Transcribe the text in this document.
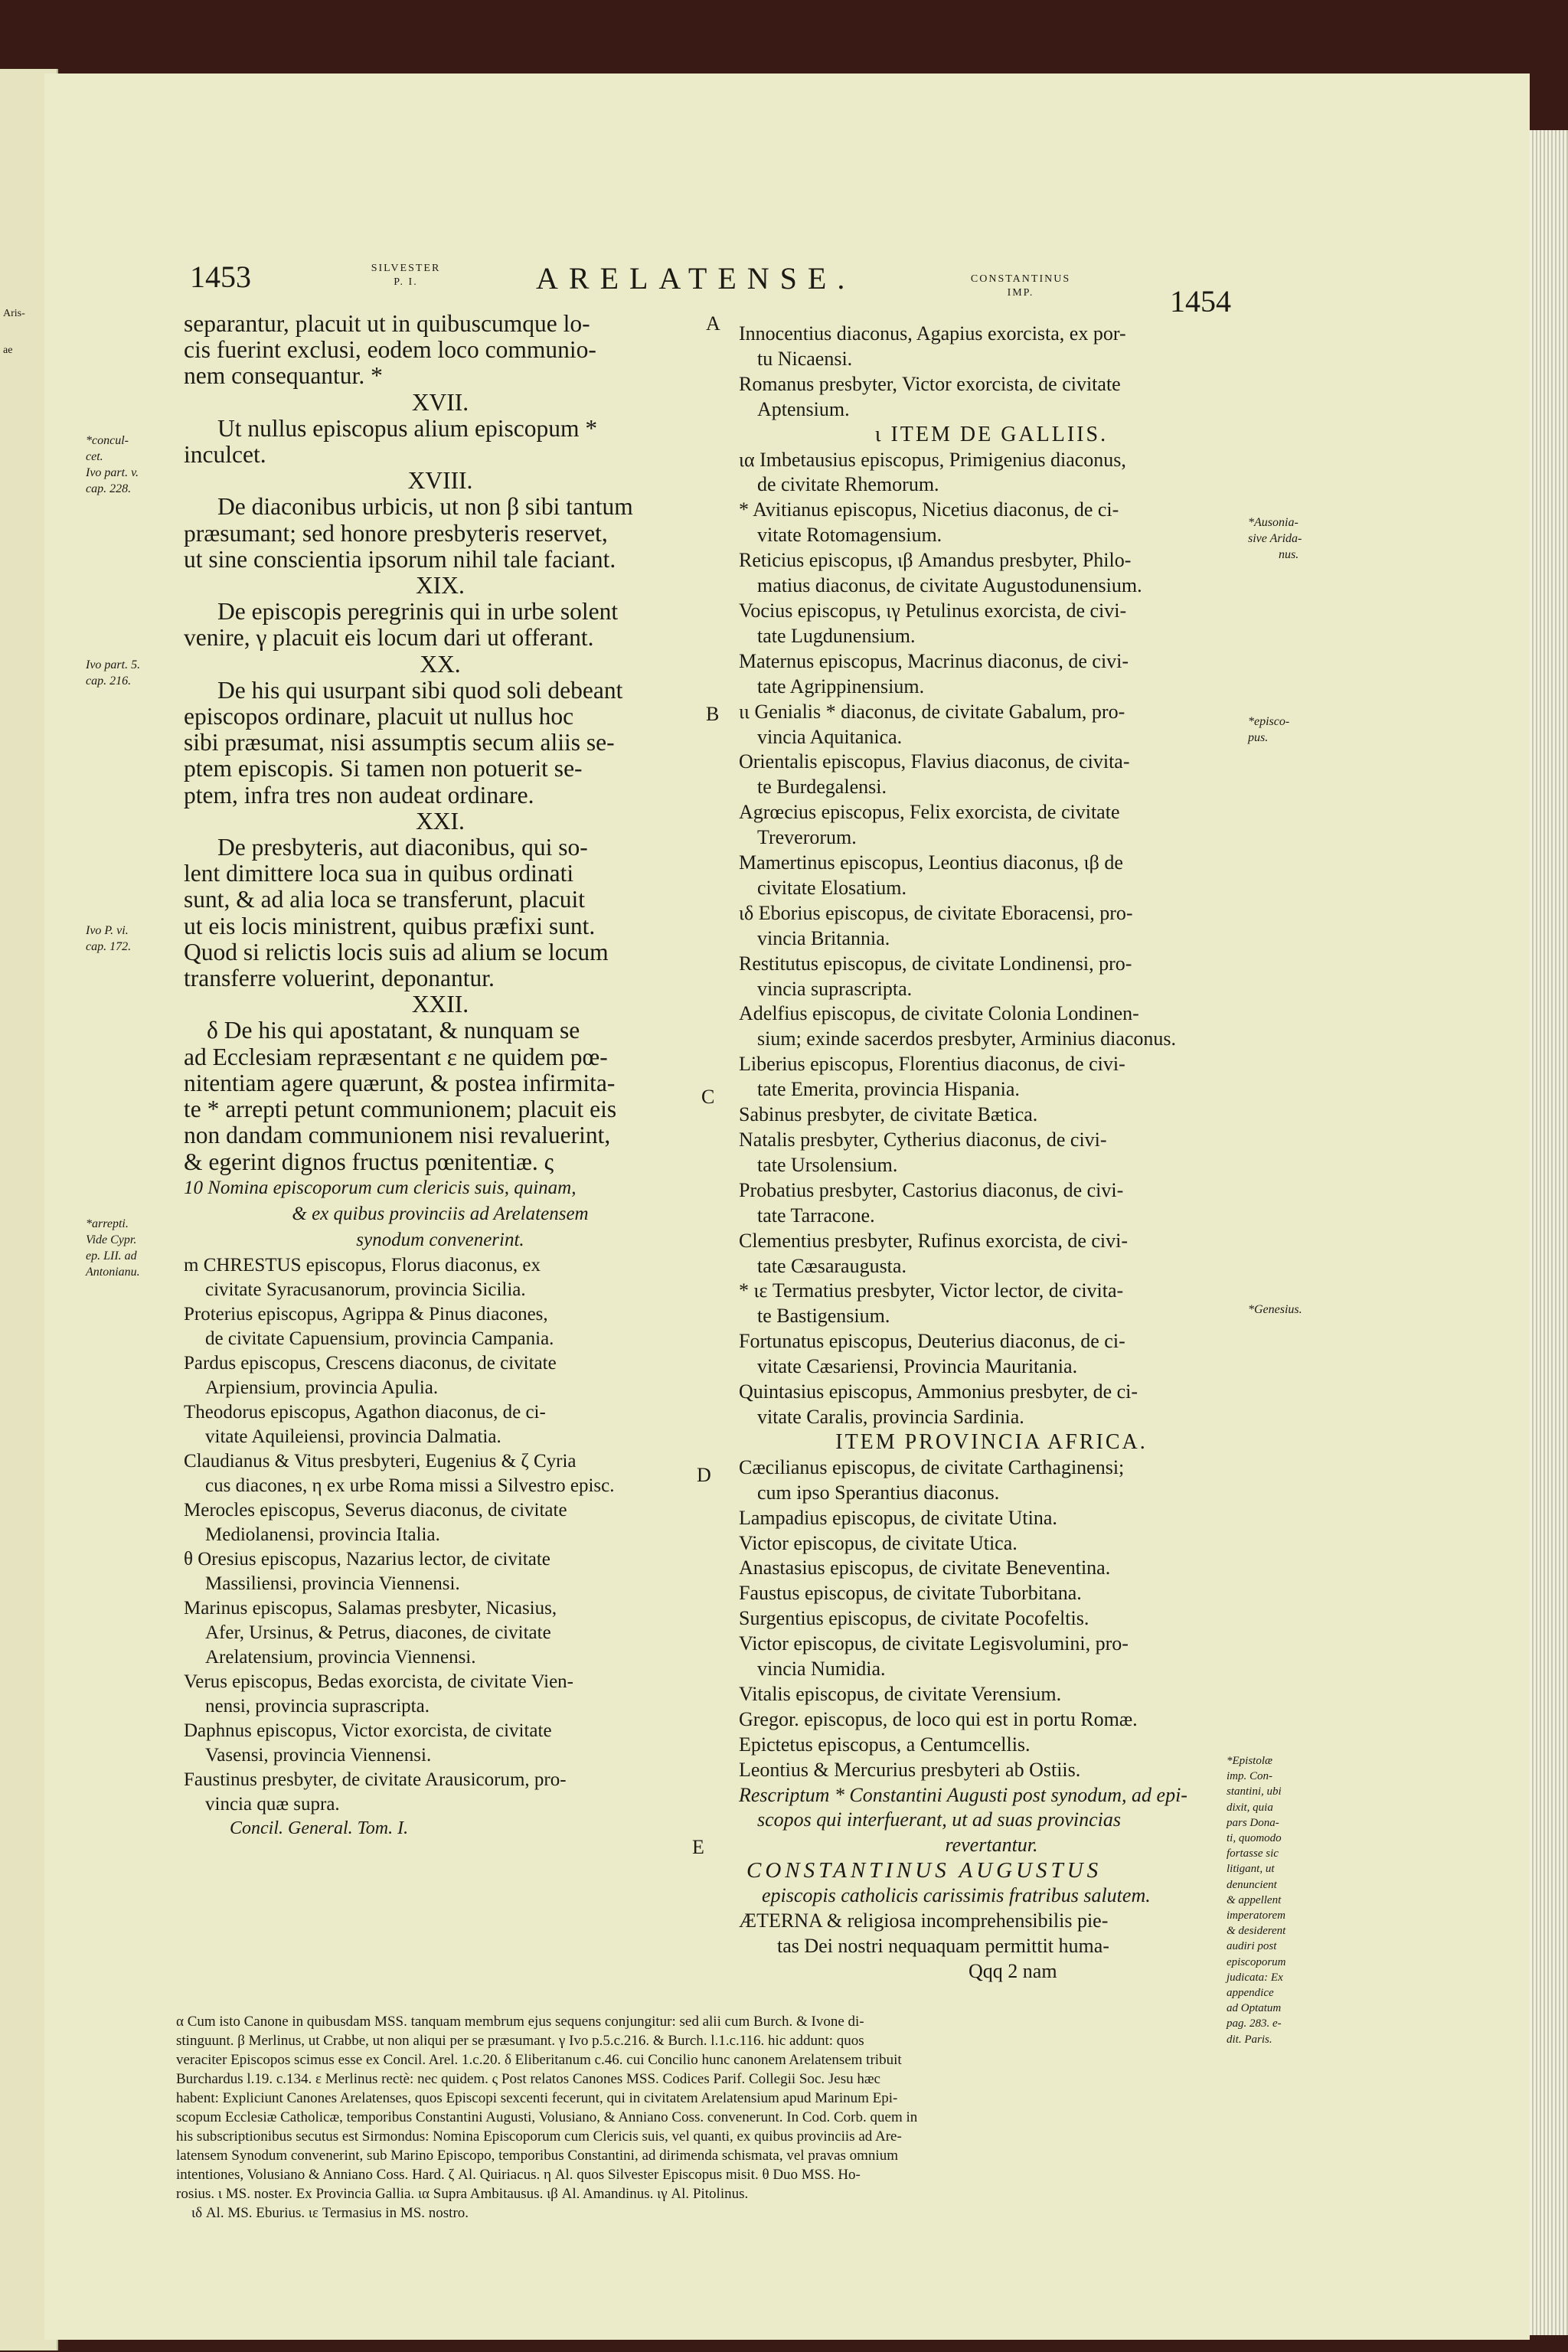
Aris-
ae
1453	SILVESTER
P. I.	ARELATENSE.	CONSTANTINUS
IMP.	1454
*concul-
cet.
Ivo part. v.
cap. 228.
Ivo part. 5.
cap. 216.
Ivo P. vi.
cap. 172.
*arrepti.
Vide Cypr.
ep. LII. ad
Antonianu.
A
B
C
D
E

separantur, placuit ut in quibuscumque lo-

cis fuerint exclusi, eodem loco communio-

nem consequantur. *

XVII.

Ut nullus episcopus alium episcopum *

inculcet.

XVIII.

De diaconibus urbicis, ut non β sibi tantum

præsumant; sed honore presbyteris reservet,

ut sine conscientia ipsorum nihil tale faciant.

XIX.

De episcopis peregrinis qui in urbe solent

venire, γ placuit eis locum dari ut offerant.

XX.

De his qui usurpant sibi quod soli debeant

episcopos ordinare, placuit ut nullus hoc

sibi præsumat, nisi assumptis secum aliis se-

ptem episcopis. Si tamen non potuerit se-

ptem, infra tres non audeat ordinare.

XXI.

De presbyteris, aut diaconibus, qui so-

lent dimittere loca sua in quibus ordinati

sunt, & ad alia loca se transferunt, placuit

ut eis locis ministrent, quibus præfixi sunt.

Quod si relictis locis suis ad alium se locum

transferre voluerint, deponantur.

XXII.

δ De his qui apostatant, & nunquam se

ad Ecclesiam repræsentant ε ne quidem pœ-

nitentiam agere quærunt, & postea infirmita-

te * arrepti petunt communionem; placuit eis

non dandam communionem nisi revaluerint,

& egerint dignos fructus pœnitentiæ. ς

10 Nomina episcoporum cum clericis suis, quinam,

& ex quibus provinciis ad Arelatensem

synodum convenerint.

m CHRESTUS episcopus, Florus diaconus, ex

civitate Syracusanorum, provincia Sicilia.

Proterius episcopus, Agrippa & Pinus diacones,

de civitate Capuensium, provincia Campania.

Pardus episcopus, Crescens diaconus, de civitate

Arpiensium, provincia Apulia.

Theodorus episcopus, Agathon diaconus, de ci-

vitate Aquileiensi, provincia Dalmatia.

Claudianus & Vitus presbyteri, Eugenius & ζ Cyria

cus diacones, η ex urbe Roma missi a Silvestro episc.

Merocles episcopus, Severus diaconus, de civitate

Mediolanensi, provincia Italia.

θ Oresius episcopus, Nazarius lector, de civitate

Massiliensi, provincia Viennensi.

Marinus episcopus, Salamas presbyter, Nicasius,

Afer, Ursinus, & Petrus, diacones, de civitate

Arelatensium, provincia Viennensi.

Verus episcopus, Bedas exorcista, de civitate Vien-

nensi, provincia suprascripta.

Daphnus episcopus, Victor exorcista, de civitate

Vasensi, provincia Viennensi.

Faustinus presbyter, de civitate Arausicorum, pro-

vincia quæ supra.

Concil. General. Tom. I.

Innocentius diaconus, Agapius exorcista, ex por-

tu Nicaensi.

Romanus presbyter, Victor exorcista, de civitate

Aptensium.

ι ITEM DE GALLIIS.

ια Imbetausius episcopus, Primigenius diaconus,

de civitate Rhemorum.

* Avitianus episcopus, Nicetius diaconus, de ci-

vitate Rotomagensium.

Reticius episcopus, ιβ Amandus presbyter, Philo-

matius diaconus, de civitate Augustodunensium.

Vocius episcopus, ιγ Petulinus exorcista, de civi-

tate Lugdunensium.

Maternus episcopus, Macrinus diaconus, de civi-

tate Agrippinensium.

ιι Genialis * diaconus, de civitate Gabalum, pro-

vincia Aquitanica.

Orientalis episcopus, Flavius diaconus, de civita-

te Burdegalensi.

Agrœcius episcopus, Felix exorcista, de civitate

Treverorum.

Mamertinus episcopus, Leontius diaconus, ιβ de

civitate Elosatium.

ιδ Eborius episcopus, de civitate Eboracensi, pro-

vincia Britannia.

Restitutus episcopus, de civitate Londinensi, pro-

vincia suprascripta.

Adelfius episcopus, de civitate Colonia Londinen-

sium; exinde sacerdos presbyter, Arminius diaconus.

Liberius episcopus, Florentius diaconus, de civi-

tate Emerita, provincia Hispania.

Sabinus presbyter, de civitate Bætica.

Natalis presbyter, Cytherius diaconus, de civi-

tate Ursolensium.

Probatius presbyter, Castorius diaconus, de civi-

tate Tarracone.

Clementius presbyter, Rufinus exorcista, de civi-

tate Cæsaraugusta.

* ιε Termatius presbyter, Victor lector, de civita-

te Bastigensium.

Fortunatus episcopus, Deuterius diaconus, de ci-

vitate Cæsariensi, Provincia Mauritania.

Quintasius episcopus, Ammonius presbyter, de ci-

vitate Caralis, provincia Sardinia.

ITEM PROVINCIA AFRICA.

Cæcilianus episcopus, de civitate Carthaginensi;

cum ipso Sperantius diaconus.

Lampadius episcopus, de civitate Utina.

Victor episcopus, de civitate Utica.

Anastasius episcopus, de civitate Beneventina.

Faustus episcopus, de civitate Tuborbitana.

Surgentius episcopus, de civitate Pocofeltis.

Victor episcopus, de civitate Legisvolumini, pro-

vincia Numidia.

Vitalis episcopus, de civitate Verensium.

Gregor. episcopus, de loco qui est in portu Romæ.

Epictetus episcopus, a Centumcellis.

Leontius & Mercurius presbyteri ab Ostiis.

Rescriptum * Constantini Augusti post synodum, ad epi-

scopos qui interfuerant, ut ad suas provincias

revertantur.

CONSTANTINUS AUGUSTUS

episcopis catholicis carissimis fratribus salutem.

ÆTERNA & religiosa incomprehensibilis pie-

tas Dei nostri nequaquam permittit huma-

Qqq 2 nam

*Ausonia-
sive Arida-
nus.
*episco-
pus.
*Genesius.
*Epistolæ
imp. Con-
stantini, ubi
dixit, quia
pars Dona-
ti, quomodo
fortasse sic
litigant, ut
denuncient
& appellent
imperatorem
& desiderent
audiri post
episcoporum
judicata: Ex
appendice
ad Optatum
pag. 283. e-
dit. Paris.

α Cum isto Canone in quibusdam MSS. tanquam membrum ejus sequens conjungitur: sed alii cum Burch. & Ivone di-

stinguunt. β Merlinus, ut Crabbe, ut non aliqui per se præsumant. γ Ivo p.5.c.216. & Burch. l.1.c.116. hic addunt: quos

veraciter Episcopos scimus esse ex Concil. Arel. 1.c.20. δ Eliberitanum c.46. cui Concilio hunc canonem Arelatensem tribuit

Burchardus l.19. c.134. ε Merlinus rectè: nec quidem. ς Post relatos Canones MSS. Codices Parif. Collegii Soc. Jesu hæc

habent: Expliciunt Canones Arelatenses, quos Episcopi sexcenti fecerunt, qui in civitatem Arelatensium apud Marinum Epi-

scopum Ecclesiæ Catholicæ, temporibus Constantini Augusti, Volusiano, & Anniano Coss. convenerunt. In Cod. Corb. quem in

his subscriptionibus secutus est Sirmondus: Nomina Episcoporum cum Clericis suis, vel quanti, ex quibus provinciis ad Are-

latensem Synodum convenerint, sub Marino Episcopo, temporibus Constantini, ad dirimenda schismata, vel pravas omnium

intentiones, Volusiano & Anniano Coss. Hard. ζ Al. Quiriacus. η Al. quos Silvester Episcopus misit. θ Duo MSS. Ho-

rosius. ι MS. noster. Ex Provincia Gallia. ια Supra Ambitausus. ιβ Al. Amandinus. ιγ Al. Pitolinus.

ιδ Al. MS. Eburius. ιε Termasius in MS. nostro.
